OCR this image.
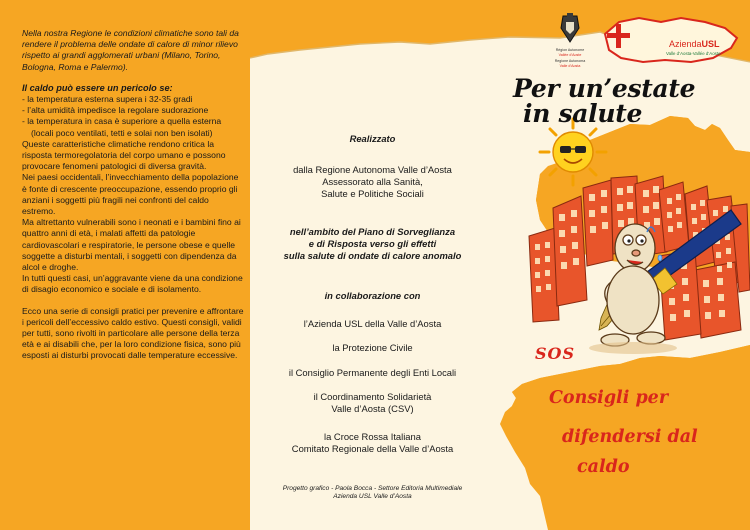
Nella nostra Regione le condizioni climatiche sono tali da rendere il problema delle ondate di calore di minor rilievo rispetto ai grandi agglomerati urbani (Milano, Torino, Bologna, Roma e Palermo).

Il caldo può essere un pericolo se:

- la temperatura esterna supera i 32-35 gradi
- l’alta umidità impedisce la regolare sudorazione
- la temperatura in casa è superiore a quella esterna (locali poco ventilati, tetti e solai non ben isolati)

Queste caratteristiche climatiche rendono critica la risposta termoregolatoria del corpo umano e possono provocare fenomeni patologici di diversa gravità.

Nei paesi occidentali, l’invecchiamento della popolazione è fonte di crescente preoccupazione, essendo proprio gli anziani i soggetti più fragili nei confronti del caldo estremo.

Ma altrettanto vulnerabili sono i neonati e i bambini fino ai quattro anni di età, i malati affetti da patologie cardiovascolari e respiratorie, le persone obese e quelle soggette a disturbi mentali, i soggetti con dipendenza da alcol e droghe.

In tutti questi casi, un’aggravante viene da una condizione di disagio economico e sociale e di isolamento.

Ecco una serie di consigli pratici per prevenire e affrontare i pericoli dell’eccessivo caldo estivo. Questi consigli, validi per tutti, sono rivolti in particolare alle persone della terza età e ai disabili che, per la loro condizione fisica, sono più esposti ai disturbi provocati dalle temperature eccessive.

Realizzato
dalla Regione Autonoma Valle d’Aosta
Assessorato alla Sanità,
Salute e Politiche Sociali
nell’ambito del Piano di Sorveglianza
e di Risposta verso gli effetti
sulla salute di ondate di calore anomalo
in collaborazione con
l’Azienda USL della Valle d’Aosta
la Protezione Civile
il Consiglio Permanente degli Enti Locali
il Coordinamento Solidarietà
Valle d’Aosta (CSV)
la Croce Rossa Italiana
Comitato Regionale della Valle d’Aosta
Progetto grafico - Paola Bocca - Settore Editoria Multimediale
Azienda USL Valle d’Aosta
Région Autonome
Vallée d’Aoste
Regione Autonoma
Valle d’Aosta
AziendaUSL
Valle d’Aosta-Vallée d’Aoste
Per un’estate
in salute
SOS
Consigli per
difendersi dal
caldo
